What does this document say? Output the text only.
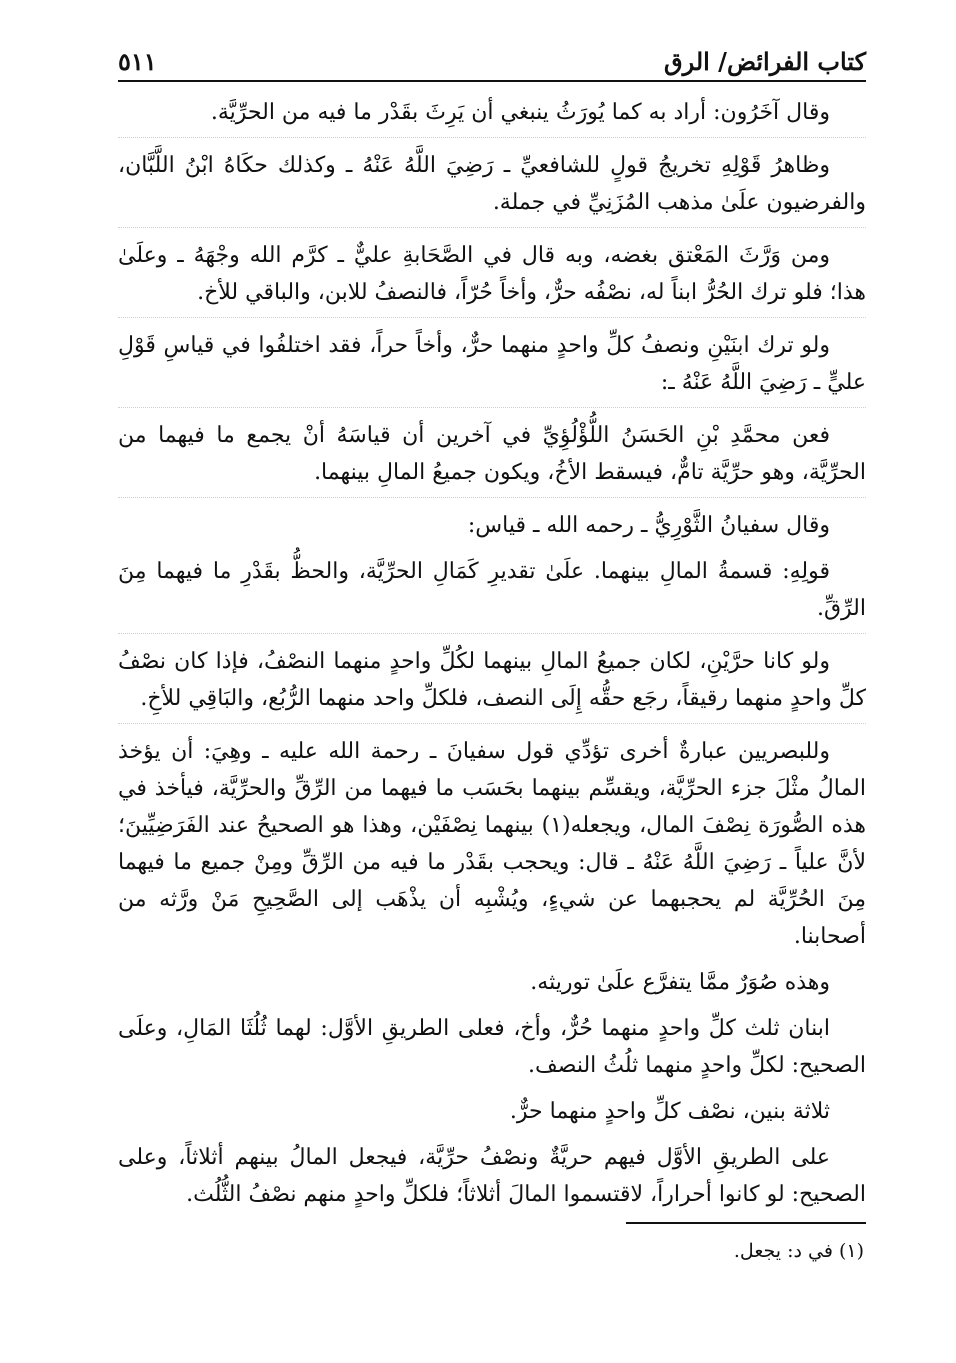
كتاب الفرائض/ الرق
٥١١

وقال آخَرُون: أراد به كما يُورَثُ ينبغي أن يَرِثَ بقَدْر ما فيه من الحرِّيَّة.

وظاهرُ قَوْلِهِ تخريجُ قولٍ للشافعيِّ ـ رَضِيَ اللَّهُ عَنْهُ ـ وكذلك حكَاهُ ابْنُ اللَّبَّان، والفرضيون علَىٰ مذهب المُزَنِيِّ في جملة.

ومن وَرَّثَ المَعْتق بغضه، وبه قال في الصَّحَابةِ عليٌّ ـ كرَّم الله وجْهَهُ ـ وعلَىٰ هذا؛ فلو ترك الحُرُّ ابناً له، نصْفُه حرٌّ، وأخاً حُرّاً، فالنصفُ للابن، والباقي للأخ.

ولو ترك ابنَيْنِ ونصفُ كلِّ واحدٍ منهما حرٌّ، وأخاً حراً، فقد اختلفُوا في قياسِ قَوْلِ عليٍّ ـ رَضِيَ اللَّهُ عَنْهُ ـ:

فعن محمَّدِ بْنِ الحَسَنُ اللُّؤْلُؤِيِّ في آخرين أن قياسَهُ أنْ يجمع ما فيهما من الحرِّيَّة، وهو حرِّيَّة تامٌّ، فيسقط الأخُ، ويكون جميعُ المالِ بينهما.

وقال سفيانُ الثَّوْرِيُّ ـ رحمه الله ـ قياس:

قولِهِ: قسمةُ المالِ بينهما. علَىٰ تقديرِ كَمَالِ الحرِّيَّة، والحظُّ بقَدْرِ ما فيهما مِنَ الرِّقِّ.

ولو كانا حرَّيْنِ، لكان جميعُ المالِ بينهما لكُلِّ واحدٍ منهما النصْفُ، فإذا كان نصْفُ كلِّ واحدٍ منهما رقيقاً، رجَع حقُّه إِلَى النصف، فلكلِّ واحد منهما الرُّبُع، والبَاقِي للأخِ.

وللبصريين عبارةٌ أخرى تؤدِّي قول سفيانَ ـ رحمة الله عليه ـ وهِيَ: أن يؤخذ المالُ مثْلَ جزء الحرِّيَّة، ويقسِّم بينهما بحَسَب ما فيهما من الرِّقِّ والحرِّيَّة، فيأخذ في هذه الصُّورَة نِصْفَ المال، ويجعله(١) بينهما نِصْفَيْن، وهذا هو الصحيحُ عند الفَرَضِيِّينَ؛ لأنَّ علياً ـ رَضِيَ اللَّهُ عَنْهُ ـ قال: ويحجب بقَدْر ما فيه من الرِّقِّ ومِنْ جميع ما فيهما مِنَ الحُرِّيَّة لم يحجبهما عن شيءٍ، ويُشْبِه أن يذْهَب إلى الصَّحِيحِ مَنْ ورَّثه من أصحابنا.

وهذه صُوَرٌ ممَّا يتفرَّع علَىٰ توريثه.

ابنان ثلث كلِّ واحدٍ منهما حُرٌّ، وأخ، فعلى الطريقِ الأوَّل: لهما ثُلُثَا المَالِ، وعلَى الصحيح: لكلِّ واحدٍ منهما ثلُثُ النصف.

ثلاثة بنين، نصْف كلِّ واحدٍ منهما حرٌّ.

على الطريقِ الأوَّل فيهم حريَّةٌ ونصْفُ حرِّيَّة، فيجعل المالُ بينهم أثلاثاً، وعلى الصحيح: لو كانوا أحراراً، لاقتسموا المالَ أثلاثاً؛ فلكلِّ واحدٍ منهم نصْفُ الثُّلُث.

(١) في د: يجعل.
